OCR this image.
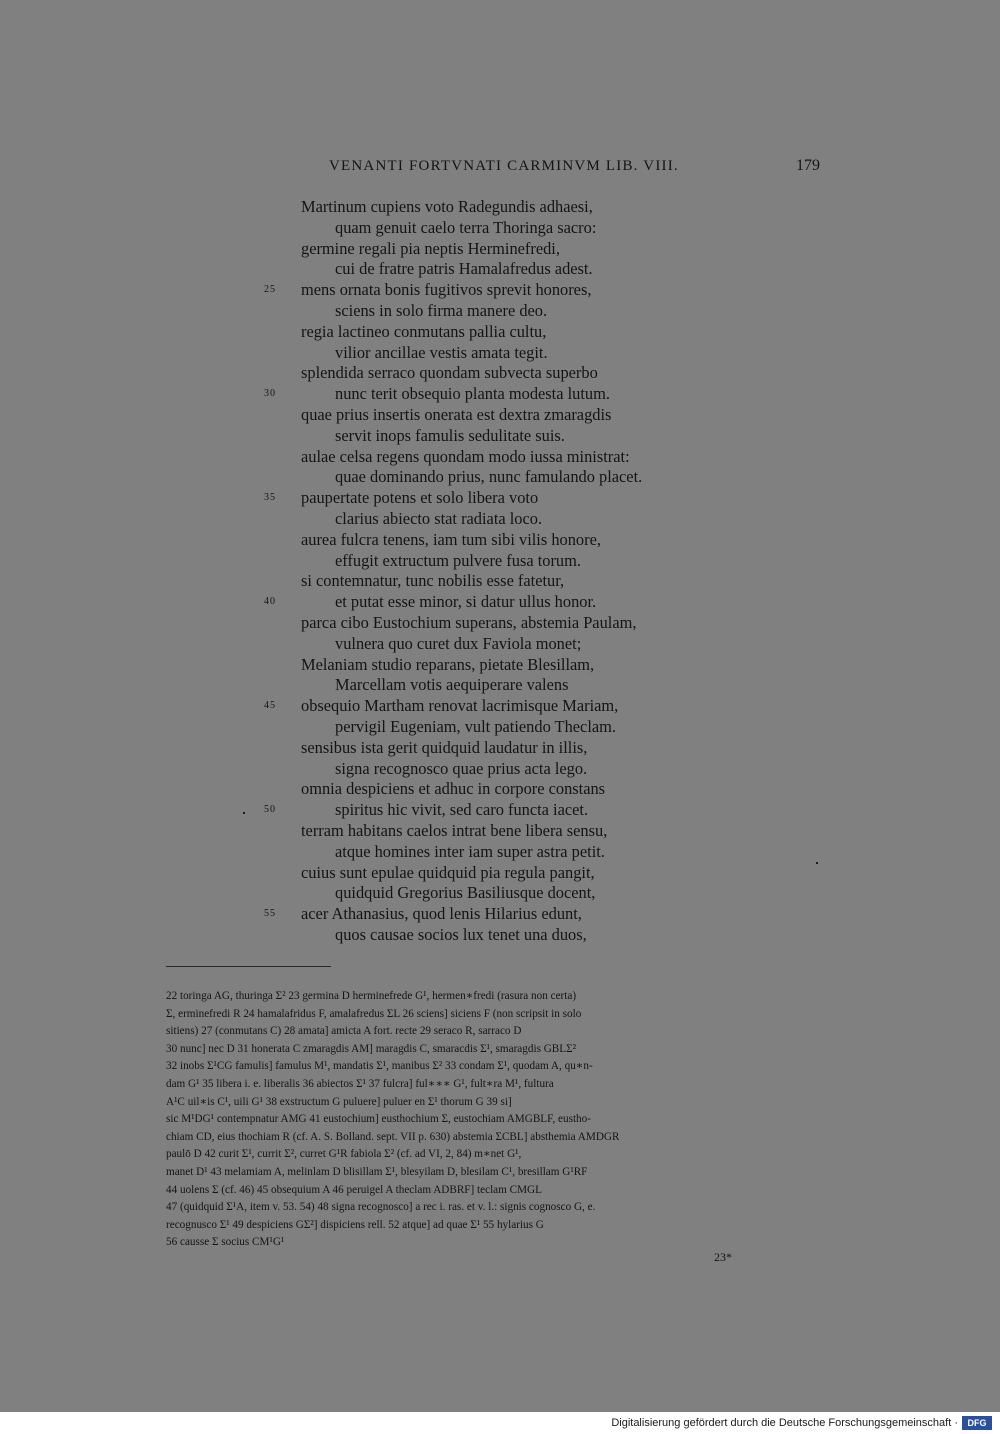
VENANTI FORTVNATI CARMINVM LIB. VIII.	179
Martinum cupiens voto Radegundis adhaesi,
quam genuit caelo terra Thoringa sacro:
germine regali pia neptis Herminefredi,
cui de fratre patris Hamalafredus adest.
25 mens ornata bonis fugitivos sprevit honores,
sciens in solo firma manere deo.
regia lactineo conmutans pallia cultu,
vilior ancillae vestis amata tegit.
splendida serraco quondam subvecta superbo
30	nunc terit obsequio planta modesta lutum.
quae prius insertis onerata est dextra zmaragdis
servit inops famulis sedulitate suis.
aulae celsa regens quondam modo iussa ministrat:
quae dominando prius, nunc famulando placet.
35 paupertate potens et solo libera voto
clarius abiecto stat radiata loco.
aurea fulcra tenens, iam tum sibi vilis honore,
effugit extructum pulvere fusa torum.
si contemnatur, tunc nobilis esse fatetur,
40	et putat esse minor, si datur ullus honor.
parca cibo Eustochium superans, abstemia Paulam,
vulnera quo curet dux Faviola monet;
Melaniam studio reparans, pietate Blesillam,
Marcellam votis aequiperare valens
45 obsequio Martham renovat lacrimisque Mariam,
pervigil Eugeniam, vult patiendo Theclam.
sensibus ista gerit quidquid laudatur in illis,
signa recognosco quae prius acta lego.
omnia despiciens et adhuc in corpore constans
50	spiritus hic vivit, sed caro functa iacet.
terram habitans caelos intrat bene libera sensu,
atque homines inter iam super astra petit.
cuius sunt epulae quidquid pia regula pangit,
quidquid Gregorius Basiliusque docent,
55 acer Athanasius, quod lenis Hilarius edunt,
quos causae socios lux tenet una duos,
22 toringa AG, thuringa Σ² 23 germina D herminefrede G¹, hermen∗fredi (rasura non certa)
Σ, erminefredi R 24 hamalafridus F, amalafredus ΣL 26 sciens] siciens F (non scripsit in solo
sitiens) 27 (conmutans C) 28 amata] amicta A fort. recte 29 seraco R, sarraco D
30 nunc] nec D 31 honerata C zmaragdis AM] maragdis C, smaracdis Σ¹, smaragdis GBLΣ²
32 inobs Σ¹CG famulis] famulus M¹, mandatis Σ¹, manibus Σ² 33 condam Σ¹, quodam A, qu∗n-
dam G¹ 35 libera i. e. liberalis 36 abiectos Σ¹ 37 fulcra] ful∗∗∗ G¹, fult∗ra M¹, fultura
A¹C uil∗is C¹, uili G¹ 38 exstructum G puluere] puluer en Σ¹ thorum G 39 si]
sic M¹DG¹ contempnatur AMG 41 eustochium] eusthochium Σ, eustochiam AMGBLF, eustho-
chiam CD, eius thochiam R (cf. A. S. Bolland. sept. VII p. 630) abstemia ΣCBL] absthemia AMDGR
paulō D 42 curit Σ¹, currit Σ², curret G¹R fabiola Σ² (cf. ad VI, 2, 84) m∗net G¹,
manet D¹ 43 melamiam A, melinlam D blisillam Σ¹, blesyilam D, blesilam C¹, bresillam G¹RF
44 uolens Σ (cf. 46) 45 obsequium A 46 peruigel A theclam ADBRF] teclam CMGL
47 (quidquid Σ¹A, item v. 53. 54) 48 signa recognosco] a rec i. ras. et v. l.: signis cognosco G, e.
recognusco Σ¹ 49 despiciens GΣ²] dispiciens rell. 52 atque] ad quae Σ¹ 55 hylarius G
56 causse Σ socius CM¹G¹
23*
Digitalisierung gefördert durch die Deutsche Forschungsgemeinschaft ·	DFG
